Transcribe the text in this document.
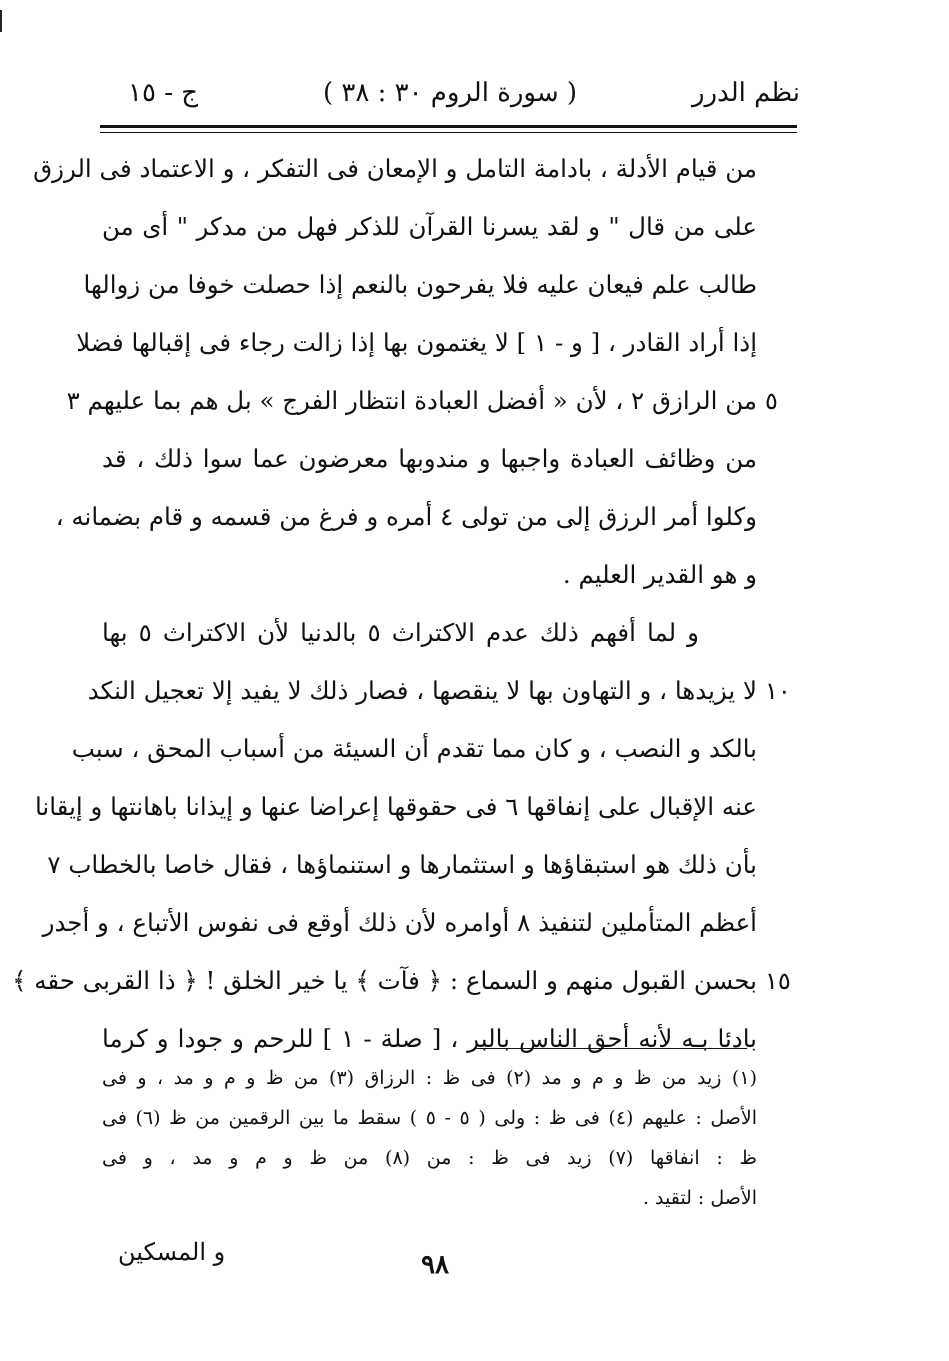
نظم الدرر
( سورة الروم ٣٠ : ٣٨ )
ج - ١٥
من قيام الأدلة ، بادامة التامل و الإمعان فى التفكر ، و الاعتماد فى الرزق
على من قال " و لقد يسرنا القرآن للذكر فهل من مدكر " أى من
طالب علم فيعان عليه فلا يفرحون بالنعم إذا حصلت خوفا من زوالها
إذا أراد القادر ، [ و - ١ ] لا يغتمون بها إذا زالت رجاء فى إقبالها فضلا
من الرازق ٢ ، لأن « أفضل العبادة انتظار الفرج » بل هم بما عليهم ٣
من وظائف العبادة واجبها و مندوبها معرضون عما سوا ذلك ، قد
وكلوا أمر الرزق إلى من تولى ٤ أمره و فرغ من قسمه و قام بضمانه ،
و هو القدير العليم .
و لما أفهم ذلك عدم الاكتراث ٥ بالدنيا لأن الاكتراث ٥ بها
لا يزيدها ، و التهاون بها لا ينقصها ، فصار ذلك لا يفيد إلا تعجيل النكد
بالكد و النصب ، و كان مما تقدم أن السيئة من أسباب المحق ، سبب
عنه الإقبال على إنفاقها ٦ فى حقوقها إعراضا عنها و إيذانا باهانتها و إيقانا
بأن ذلك هو استبقاؤها و استثمارها و استنماؤها ، فقال خاصا بالخطاب ٧
أعظم المتأملين لتنفيذ ٨ أوامره لأن ذلك أوقع فى نفوس الأتباع ، و أجدر
بحسن القبول منهم و السماع : ﴿ فآت ﴾ يا خير الخلق ! ﴿ ذا القربى حقه ﴾
بادئا بـه لأنه أحق الناس بالبر ، [ صلة - ١ ] للرحم و جودا و كرما
٥
١٠
١٥
(١) زيد من ظ و م و مد (٢) فى ظ : الرزاق (٣) من ظ و م و مد ، و فى
الأصل : عليهم (٤) فى ظ : ولى ( ٥ - ٥ ) سقط ما بين الرقمين من ظ (٦) فى
ظ : انفاقها (٧) زيد فى ظ : من (٨) من ظ و م و مد ، و فى
الأصل : لتقيد .
و المسكين	٩٨
